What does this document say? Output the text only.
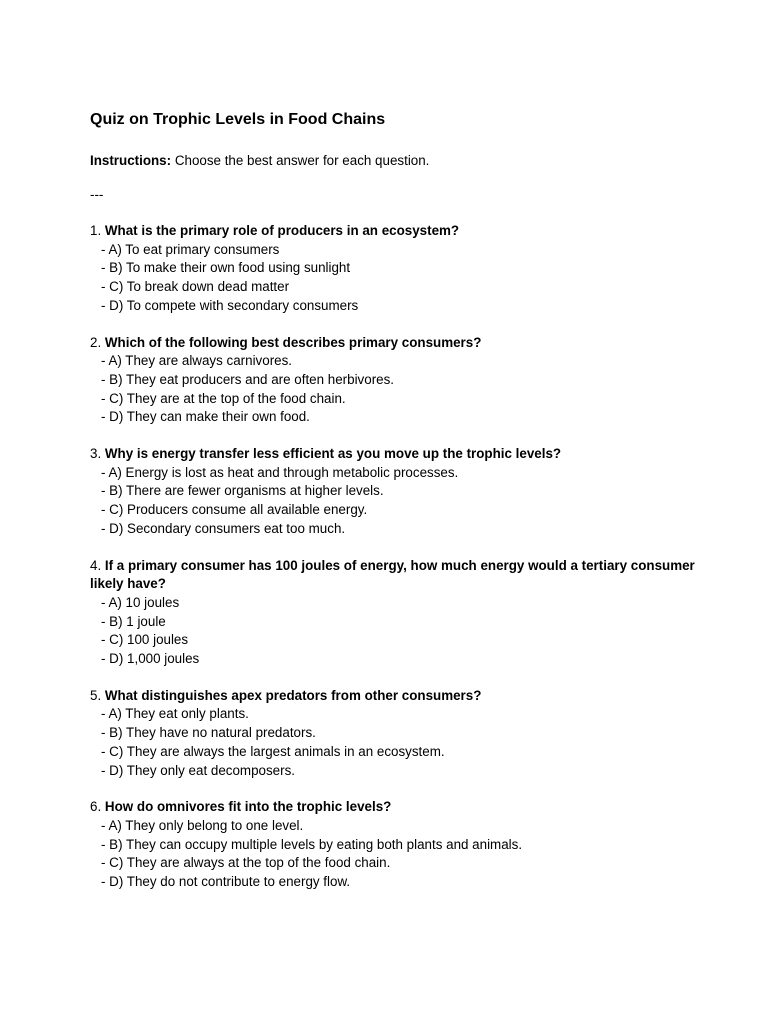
Quiz on Trophic Levels in Food Chains
Instructions: Choose the best answer for each question.
---
1. What is the primary role of producers in an ecosystem?
- A) To eat primary consumers
- B) To make their own food using sunlight
- C) To break down dead matter
- D) To compete with secondary consumers
2. Which of the following best describes primary consumers?
- A) They are always carnivores.
- B) They eat producers and are often herbivores.
- C) They are at the top of the food chain.
- D) They can make their own food.
3. Why is energy transfer less efficient as you move up the trophic levels?
- A) Energy is lost as heat and through metabolic processes.
- B) There are fewer organisms at higher levels.
- C) Producers consume all available energy.
- D) Secondary consumers eat too much.
4. If a primary consumer has 100 joules of energy, how much energy would a tertiary consumer likely have?
- A) 10 joules
- B) 1 joule
- C) 100 joules
- D) 1,000 joules
5. What distinguishes apex predators from other consumers?
- A) They eat only plants.
- B) They have no natural predators.
- C) They are always the largest animals in an ecosystem.
- D) They only eat decomposers.
6. How do omnivores fit into the trophic levels?
- A) They only belong to one level.
- B) They can occupy multiple levels by eating both plants and animals.
- C) They are always at the top of the food chain.
- D) They do not contribute to energy flow.
